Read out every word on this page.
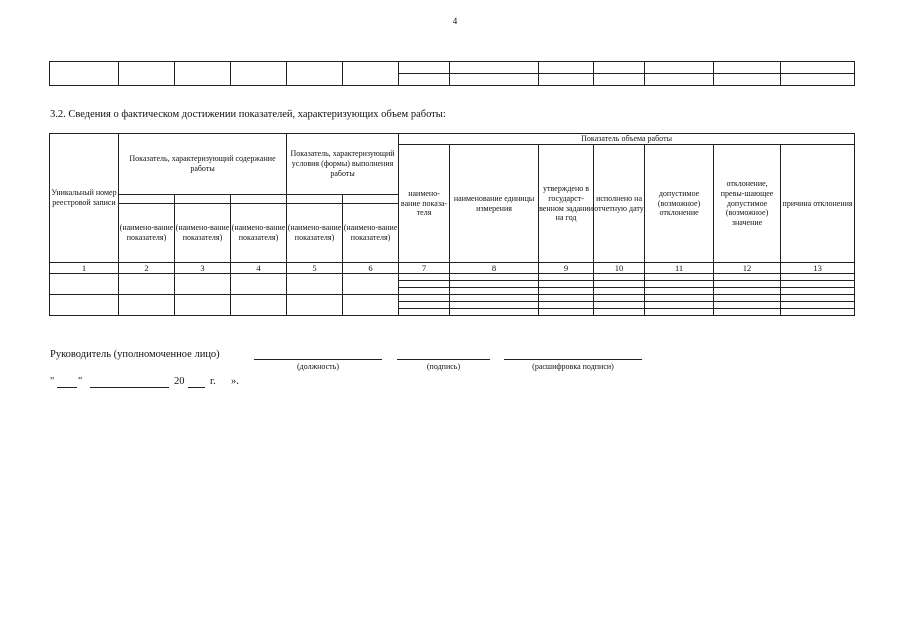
4

3.2. Сведения о фактическом достижении показателей, характеризующих объем работы:
Уникальный номер реестровой записи	Показатель, характеризующий содержание работы			Показатель, характеризующий условия (формы) выполнения работы		Показатель объема работы						
						наимено-вание показа-теля	наименование единицы измерения	утверждено в государст-венном задании на год	исполнено на отчетную дату	допустимое (возможное) отклонение	отклонение, превы-шающее допустимое (возможное) значение	причина отклонения

	(наимено-вание показателя)	(наимено-вание показателя)	(наимено-вание показателя)	(наимено-вание показателя)	(наимено-вание показателя)							
1	2	3	4	5	6	7	8	9	10	11	12	13

Руководитель (уполномоченное лицо)
(должность)	(подпись)	(расшифровка подписи)
" "	20 г. ».
